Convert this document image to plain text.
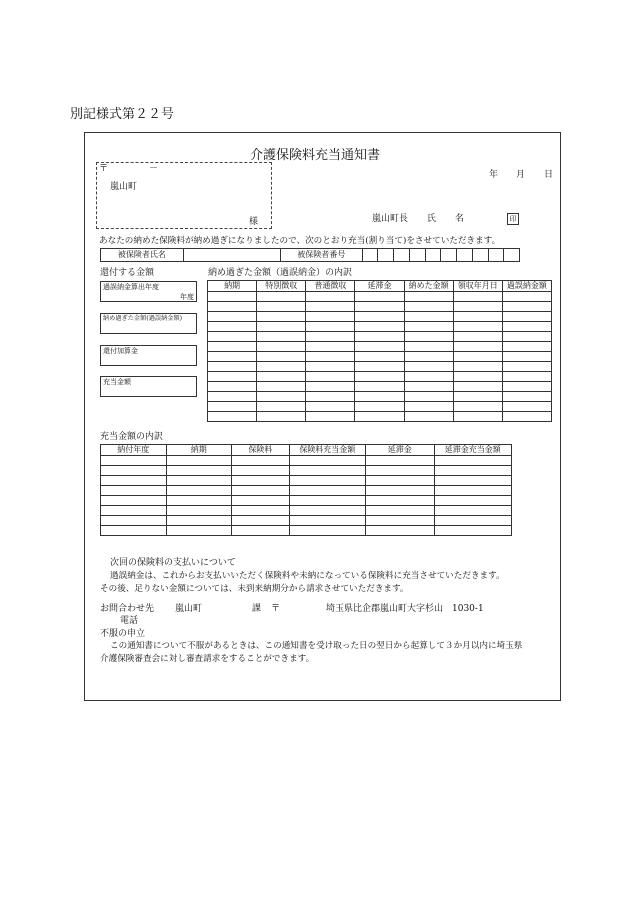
別記様式第２２号
介護保険料充当通知書
〒	－
嵐山町
様
年 月 日
嵐山町長 氏 名	印
あなたの納めた保険料が納め過ぎになりましたので、次のとおり充当(割り当て)をさせていただきます。
被保険者氏名		被保険者番号										
還付する金額
過誤納金算出年度
年度
納め過ぎた金額(過誤納金額)
還付加算金
充当金額
納め過ぎた金額（過誤納金）の内訳
納期	特別徴収	普通徴収	延滞金	納めた金額	領収年月日	過誤納金額

充当金額の内訳
納付年度	納期	保険料	保険料充当金額	延滞金	延滞金充当金額

次回の保険料の支払いについて
過誤納金は、これからお支払いいただく保険料や未納になっている保険料に充当させていただきます。
その後、足りない金額については、未到来納期分から請求させていただきます。
お問合わせ先 嵐山町	課 〒	埼玉県比企郡嵐山町大字杉山　1030-1
電話
不服の申立
この通知書について不服があるときは、この通知書を受け取った日の翌日から起算して３か月以内に埼玉県
介護保険審査会に対し審査請求をすることができます。
